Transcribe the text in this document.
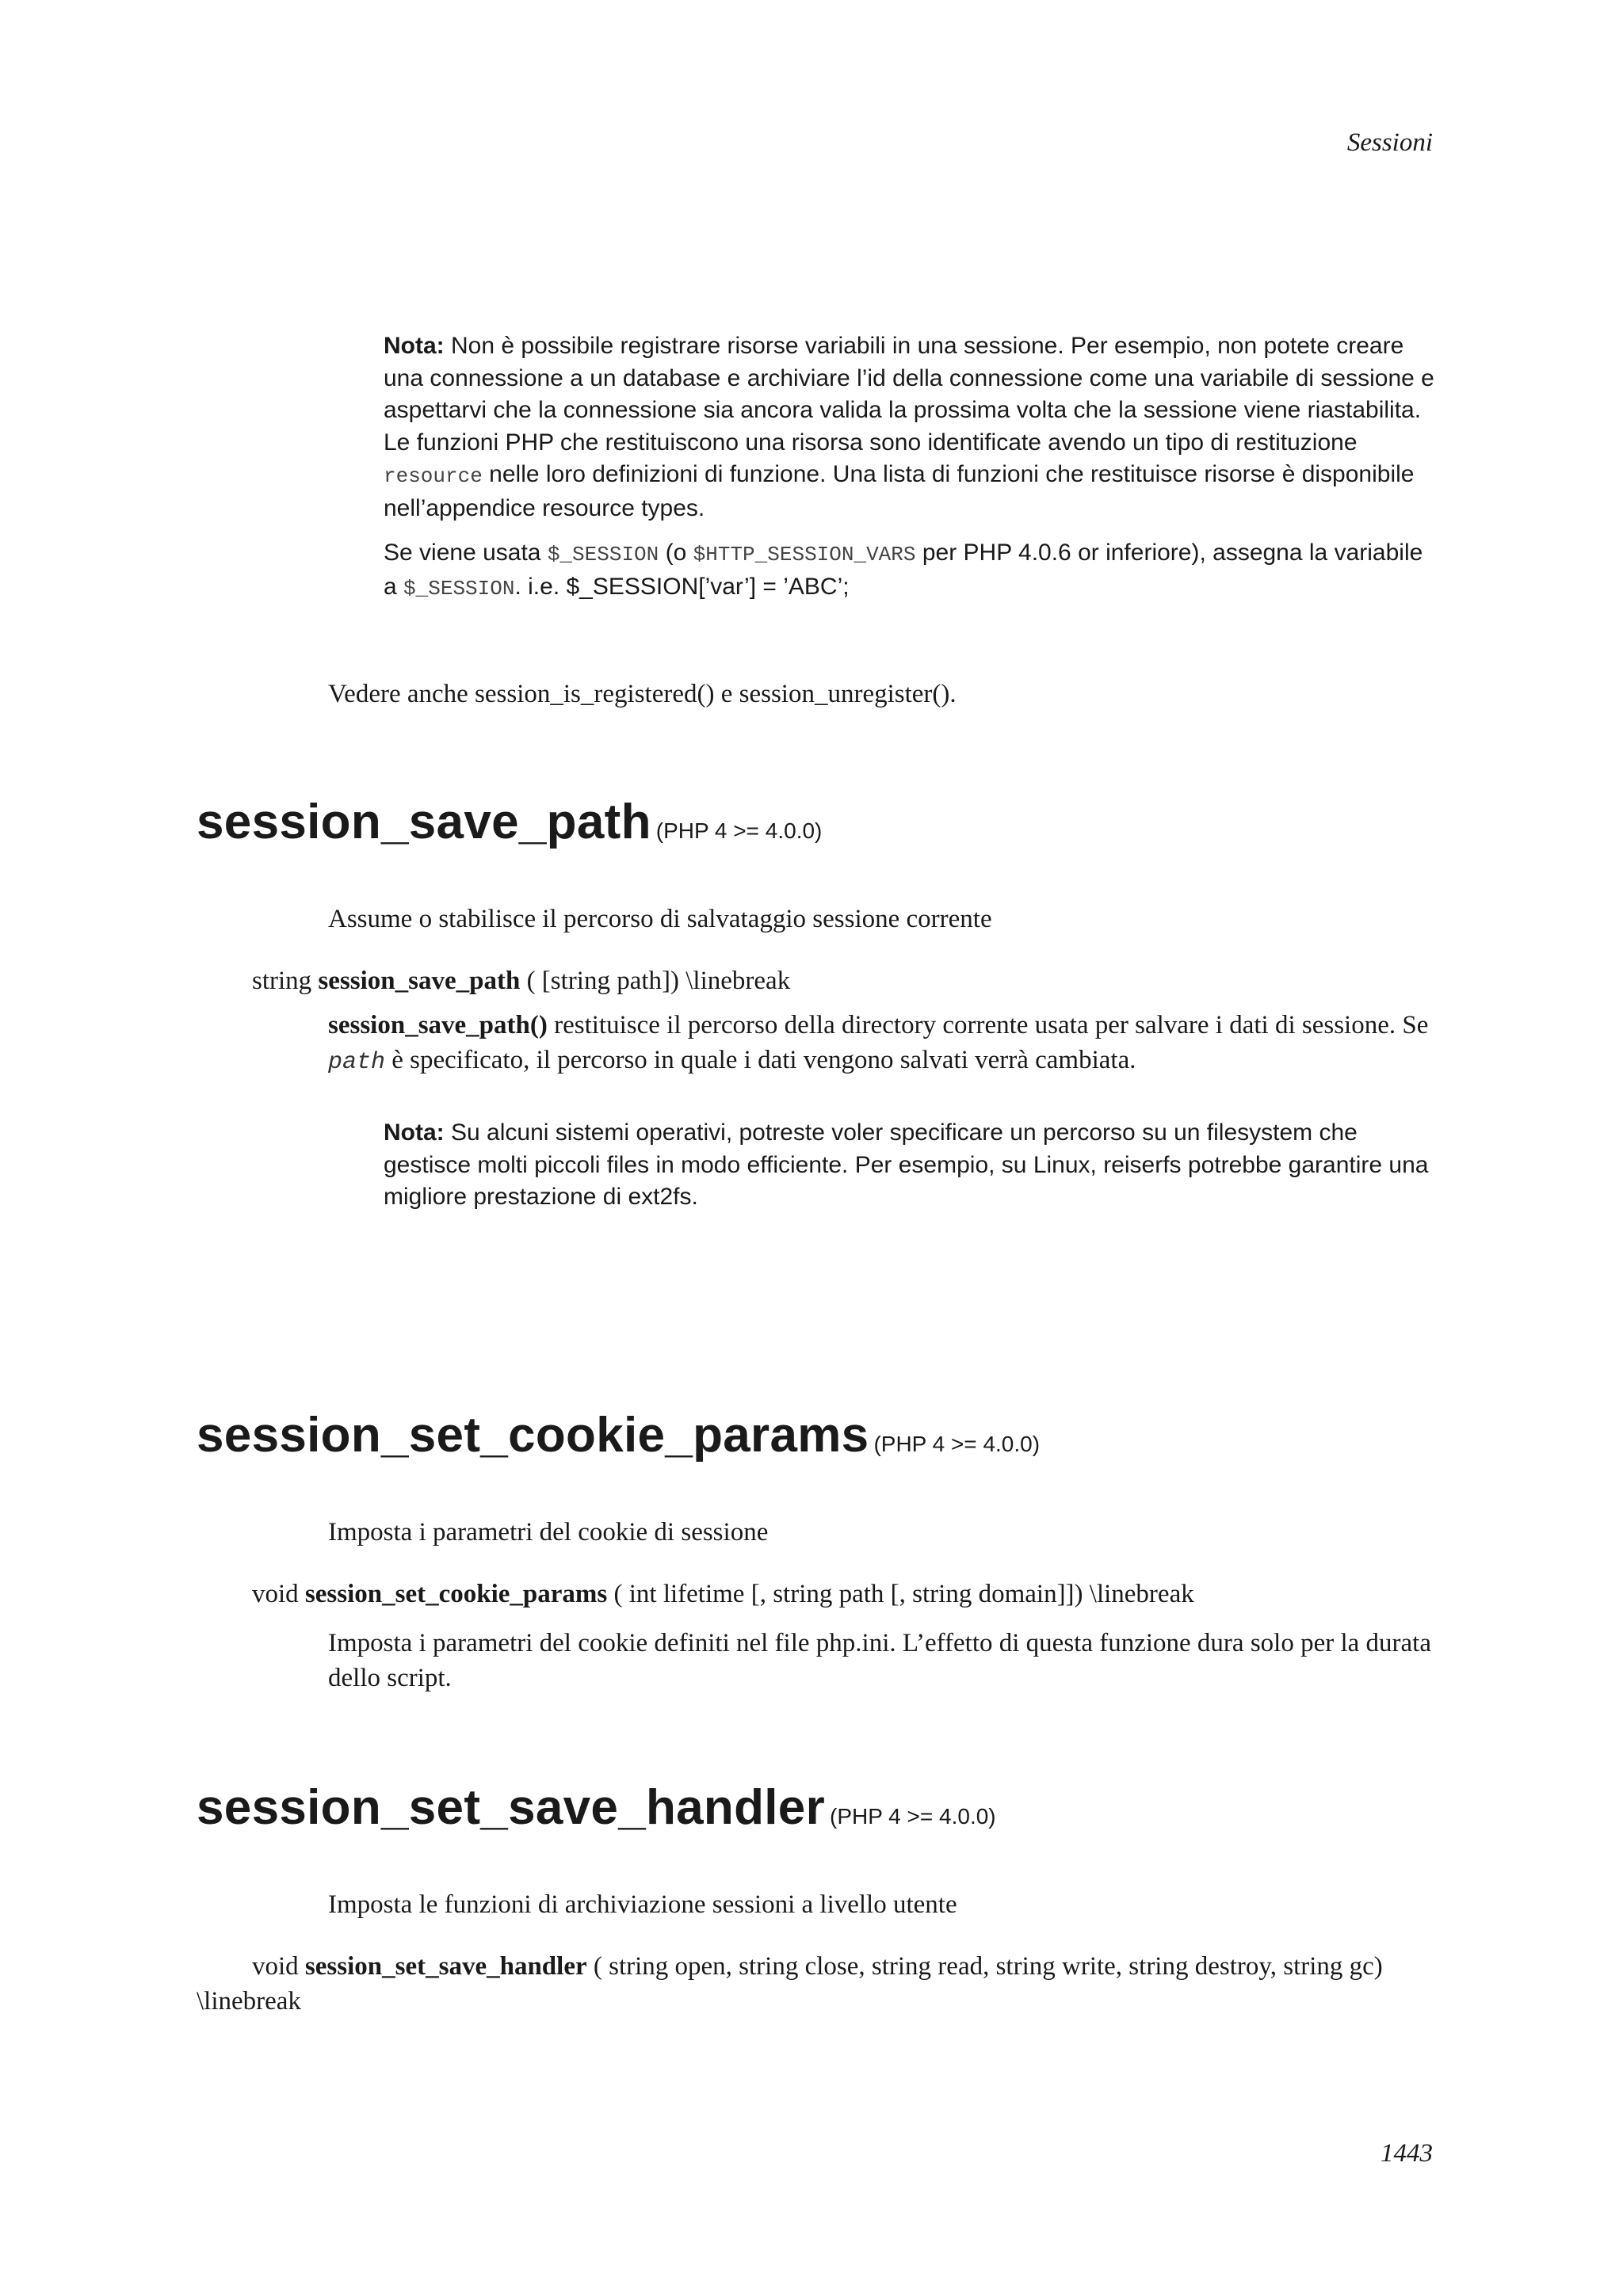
Sessioni

Nota: Non è possibile registrare risorse variabili in una sessione. Per esempio, non potete creare una connessione a un database e archiviare l’id della connessione come una variabile di sessione e aspettarvi che la connessione sia ancora valida la prossima volta che la sessione viene riastabilita. Le funzioni PHP che restituiscono una risorsa sono identificate avendo un tipo di restituzione resource nelle loro definizioni di funzione. Una lista di funzioni che restituisce risorse è disponibile nell’appendice resource types.

Se viene usata $_SESSION (o $HTTP_SESSION_VARS per PHP 4.0.6 or inferiore), assegna la variabile a $_SESSION. i.e. $_SESSION[’var’] = ’ABC’;

Vedere anche session_is_registered() e session_unregister().
session_save_path (PHP 4 >= 4.0.0)
Assume o stabilisce il percorso di salvataggio sessione corrente
string session_save_path ( [string path]) \linebreak
session_save_path() restituisce il percorso della directory corrente usata per salvare i dati di sessione. Se path è specificato, il percorso in quale i dati vengono salvati verrà cambiata.

Nota: Su alcuni sistemi operativi, potreste voler specificare un percorso su un filesystem che gestisce molti piccoli files in modo efficiente. Per esempio, su Linux, reiserfs potrebbe garantire una migliore prestazione di ext2fs.

session_set_cookie_params (PHP 4 >= 4.0.0)
Imposta i parametri del cookie di sessione
void session_set_cookie_params ( int lifetime [, string path [, string domain]]) \linebreak
Imposta i parametri del cookie definiti nel file php.ini. L’effetto di questa funzione dura solo per la durata dello script.
session_set_save_handler (PHP 4 >= 4.0.0)
Imposta le funzioni di archiviazione sessioni a livello utente
void session_set_save_handler ( string open, string close, string read, string write, string destroy, string gc)
\linebreak
1443
